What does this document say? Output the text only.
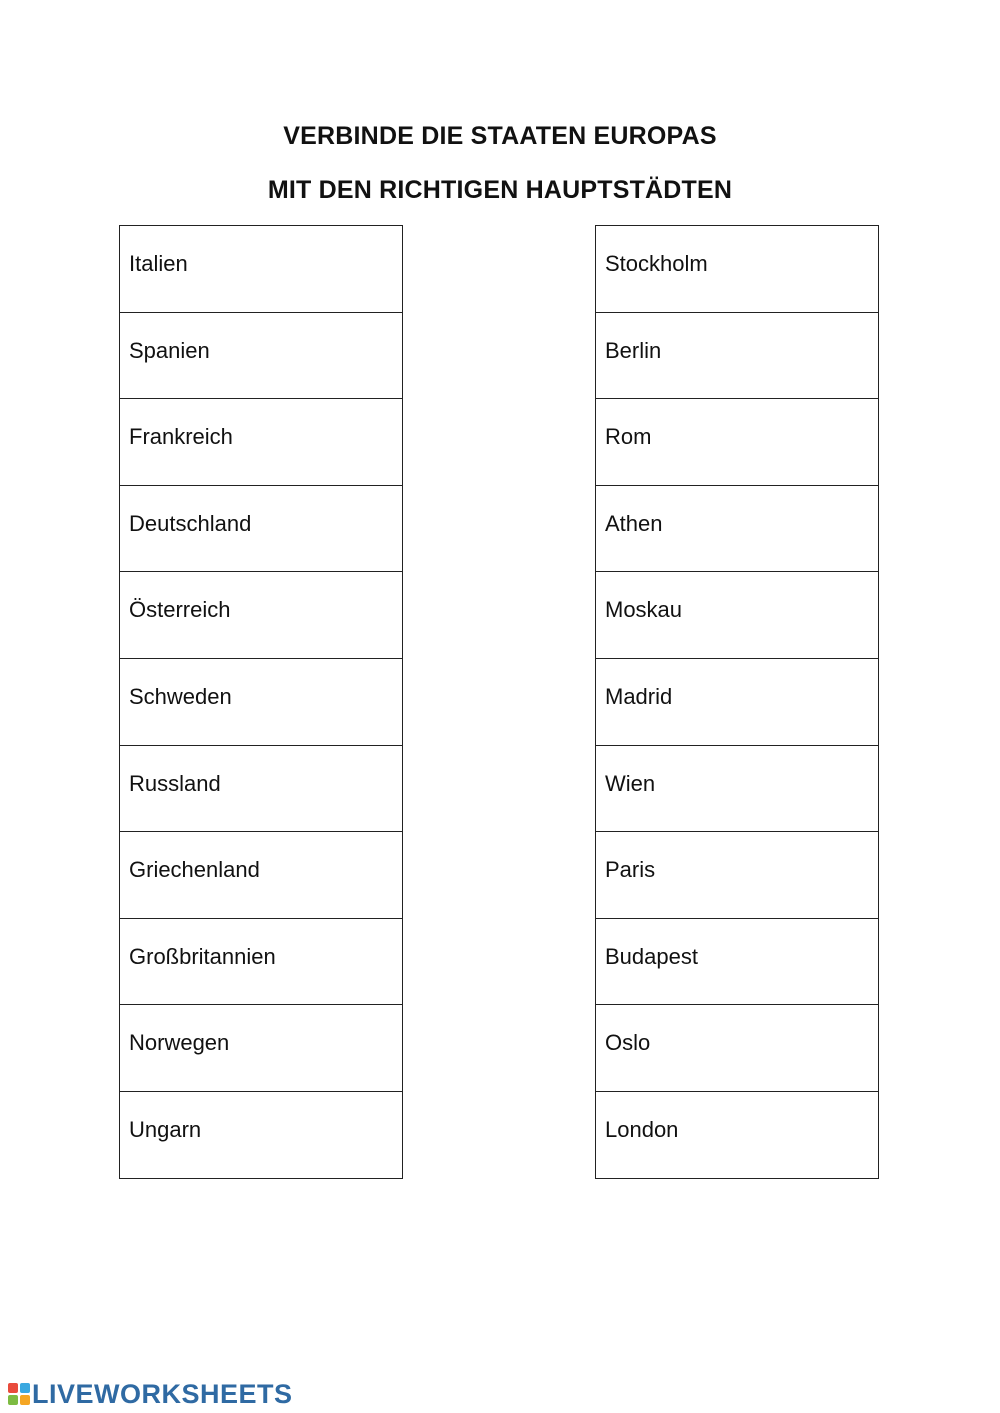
VERBINDE DIE STAATEN EUROPAS
MIT DEN RICHTIGEN HAUPTSTÄDTEN
Italien
Spanien
Frankreich
Deutschland
Österreich
Schweden
Russland
Griechenland
Großbritannien
Norwegen
Ungarn
Stockholm
Berlin
Rom
Athen
Moskau
Madrid
Wien
Paris
Budapest
Oslo
London
LIVEWORKSHEETS
